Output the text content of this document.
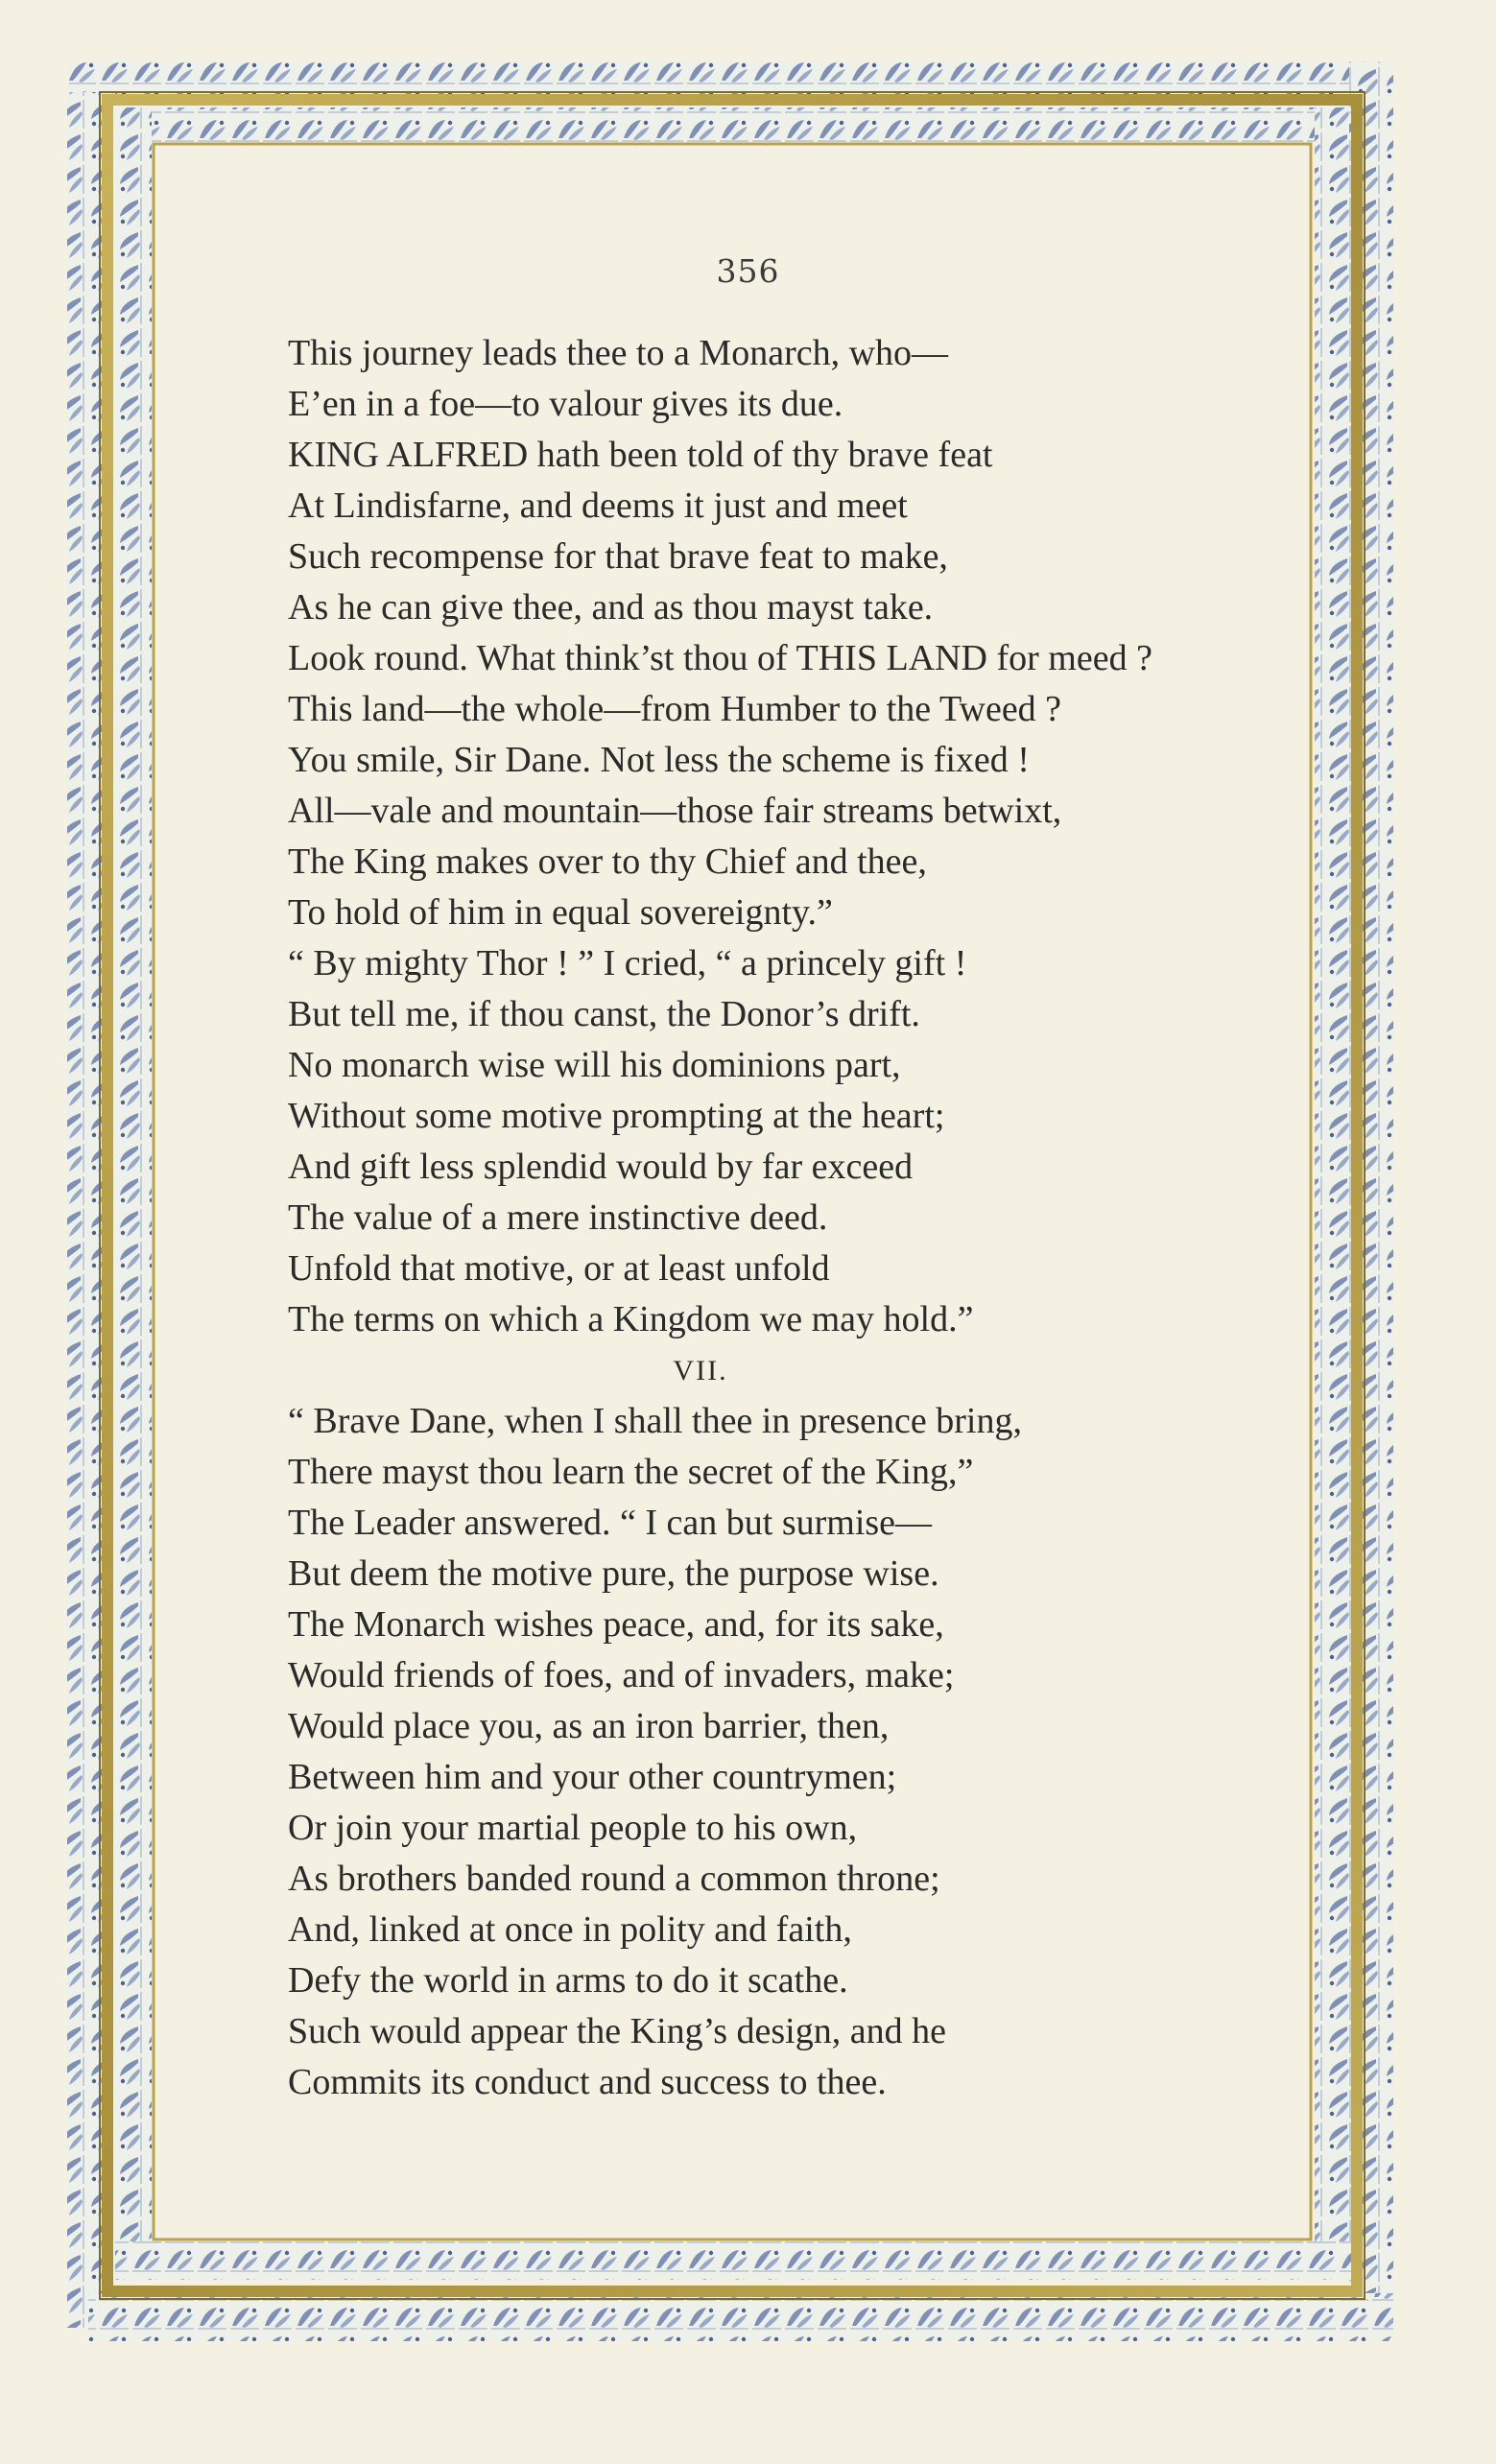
356
This journey leads thee to a Monarch, who—
E’en in a foe—to valour gives its due.
KING ALFRED hath been told of thy brave feat
At Lindisfarne, and deems it just and meet
Such recompense for that brave feat to make,
As he can give thee, and as thou mayst take.
Look round. What think’st thou of THIS LAND for meed ?
This land—the whole—from Humber to the Tweed ?
You smile, Sir Dane. Not less the scheme is fixed !
All—vale and mountain—those fair streams betwixt,
The King makes over to thy Chief and thee,
To hold of him in equal sovereignty.”
“ By mighty Thor ! ” I cried, “ a princely gift !
But tell me, if thou canst, the Donor’s drift.
No monarch wise will his dominions part,
Without some motive prompting at the heart;
And gift less splendid would by far exceed
The value of a mere instinctive deed.
Unfold that motive, or at least unfold
The terms on which a Kingdom we may hold.”
VII.
“ Brave Dane, when I shall thee in presence bring,
There mayst thou learn the secret of the King,”
The Leader answered. “ I can but surmise—
But deem the motive pure, the purpose wise.
The Monarch wishes peace, and, for its sake,
Would friends of foes, and of invaders, make;
Would place you, as an iron barrier, then,
Between him and your other countrymen;
Or join your martial people to his own,
As brothers banded round a common throne;
And, linked at once in polity and faith,
Defy the world in arms to do it scathe.
Such would appear the King’s design, and he
Commits its conduct and success to thee.
